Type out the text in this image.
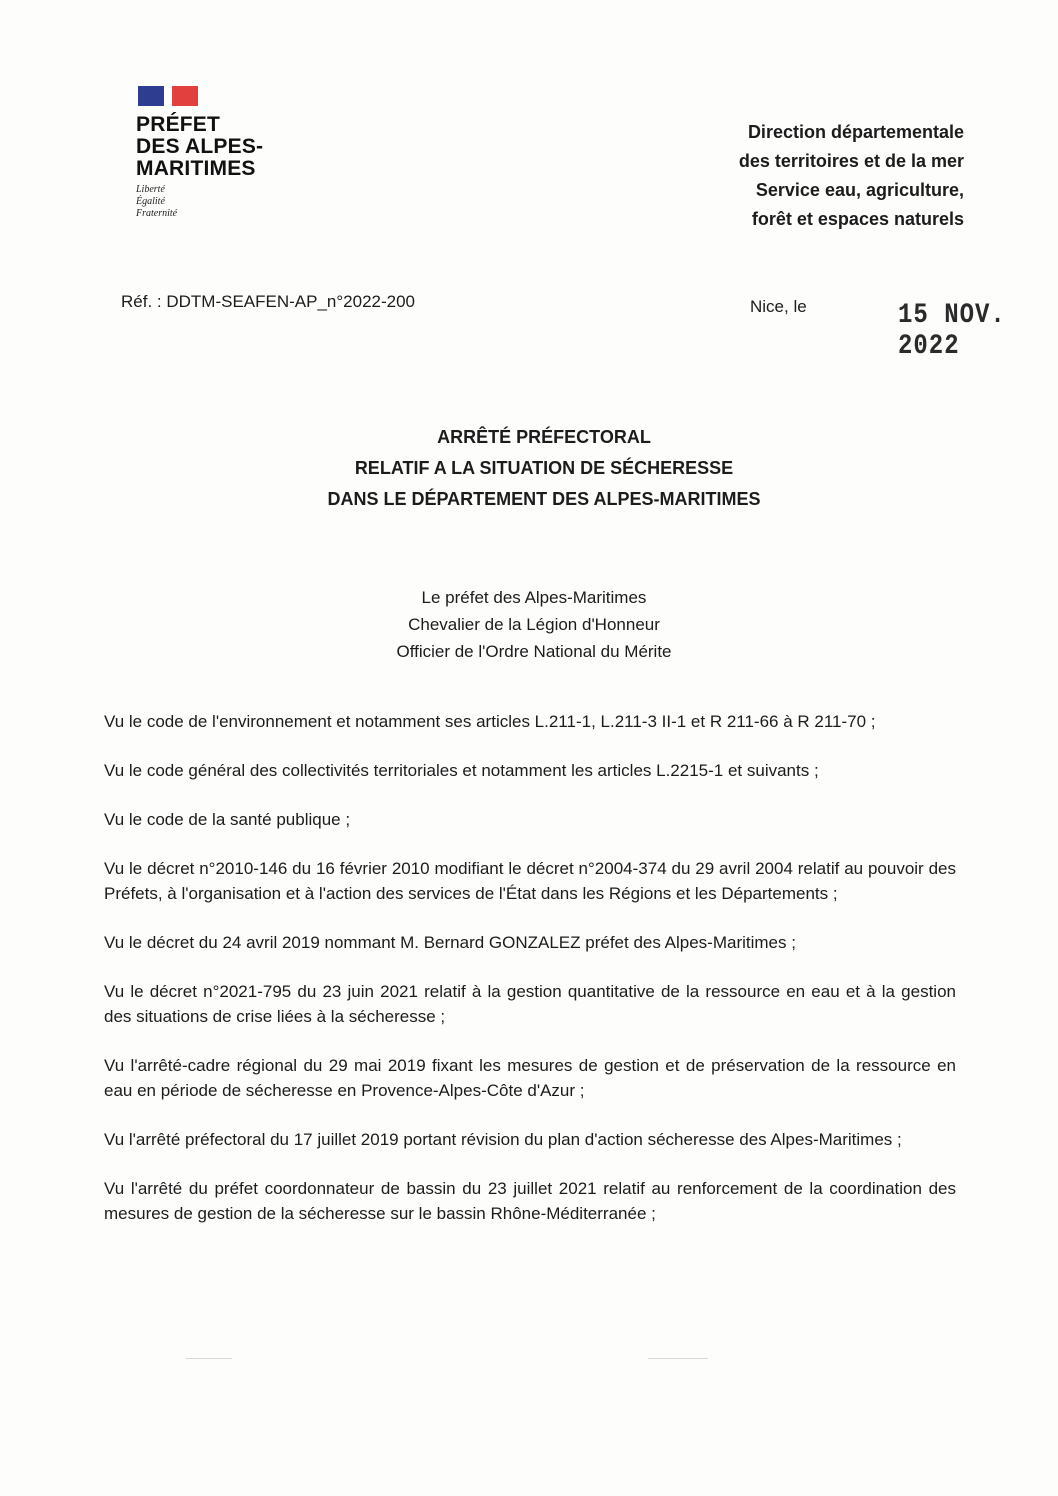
PRÉFET
DES ALPES-
MARITIMES
Liberté
Égalité
Fraternité
Direction départementale
des territoires et de la mer
Service eau, agriculture,
forêt et espaces naturels
Réf. : DDTM-SEAFEN-AP_n°2022-200	Nice, le	15 NOV. 2022
ARRÊTÉ PRÉFECTORAL
RELATIF A LA SITUATION DE SÉCHERESSE
DANS LE DÉPARTEMENT DES ALPES-MARITIMES
Le préfet des Alpes-Maritimes
Chevalier de la Légion d'Honneur
Officier de l'Ordre National du Mérite

Vu le code de l'environnement et notamment ses articles L.211-1, L.211-3 II-1 et R 211-66 à R 211-70 ;

Vu le code général des collectivités territoriales et notamment les articles L.2215-1 et suivants ;

Vu le code de la santé publique ;

Vu le décret n°2010-146 du 16 février 2010 modifiant le décret n°2004-374 du 29 avril 2004 relatif au pouvoir des Préfets, à l'organisation et à l'action des services de l'État dans les Régions et les Départements ;

Vu le décret du 24 avril 2019 nommant M. Bernard GONZALEZ préfet des Alpes-Maritimes ;

Vu le décret n°2021-795 du 23 juin 2021 relatif à la gestion quantitative de la ressource en eau et à la gestion des situations de crise liées à la sécheresse ;

Vu l'arrêté-cadre régional du 29 mai 2019 fixant les mesures de gestion et de préservation de la ressource en eau en période de sécheresse en Provence-Alpes-Côte d'Azur ;

Vu l'arrêté préfectoral du 17 juillet 2019 portant révision du plan d'action sécheresse des Alpes-Maritimes ;

Vu l'arrêté du préfet coordonnateur de bassin du 23 juillet 2021 relatif au renforcement de la coordination des mesures de gestion de la sécheresse sur le bassin Rhône-Méditerranée ;
